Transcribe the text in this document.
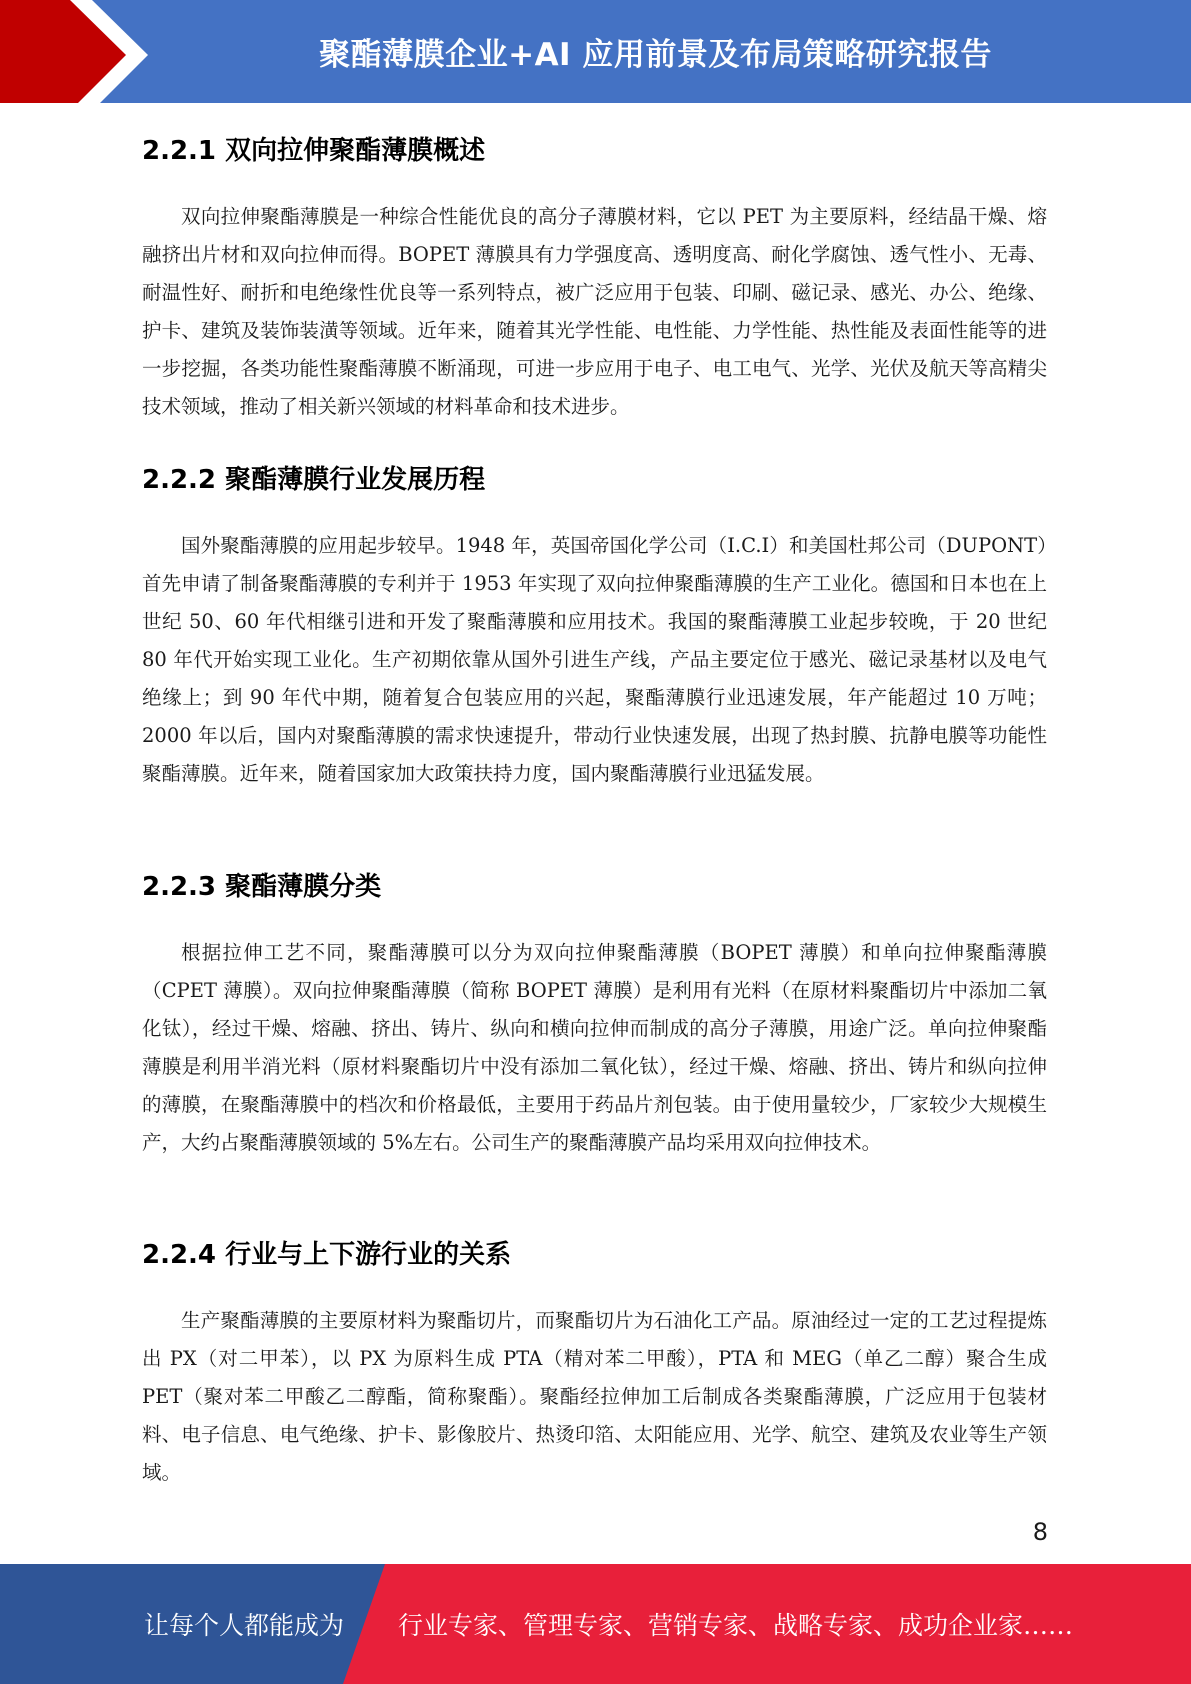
聚酯薄膜企业+AI 应用前景及布局策略研究报告
2.2.1 双向拉伸聚酯薄膜概述

双向拉伸聚酯薄膜是一种综合性能优良的高分子薄膜材料，它以 PET 为主要原料，经结晶干燥、熔融挤出片材和双向拉伸而得。BOPET 薄膜具有力学强度高、透明度高、耐化学腐蚀、透气性小、无毒、耐温性好、耐折和电绝缘性优良等一系列特点，被广泛应用于包装、印刷、磁记录、感光、办公、绝缘、护卡、建筑及装饰装潢等领域。近年来，随着其光学性能、电性能、力学性能、热性能及表面性能等的进一步挖掘，各类功能性聚酯薄膜不断涌现，可进一步应用于电子、电工电气、光学、光伏及航天等高精尖技术领域，推动了相关新兴领域的材料革命和技术进步。

2.2.2 聚酯薄膜行业发展历程

国外聚酯薄膜的应用起步较早。1948 年，英国帝国化学公司（I.C.I）和美国杜邦公司（DUPONT）首先申请了制备聚酯薄膜的专利并于 1953 年实现了双向拉伸聚酯薄膜的生产工业化。德国和日本也在上世纪 50、60 年代相继引进和开发了聚酯薄膜和应用技术。我国的聚酯薄膜工业起步较晚，于 20 世纪 80 年代开始实现工业化。生产初期依靠从国外引进生产线，产品主要定位于感光、磁记录基材以及电气绝缘上；到 90 年代中期，随着复合包装应用的兴起，聚酯薄膜行业迅速发展，年产能超过 10 万吨；2000 年以后，国内对聚酯薄膜的需求快速提升，带动行业快速发展，出现了热封膜、抗静电膜等功能性聚酯薄膜。近年来，随着国家加大政策扶持力度，国内聚酯薄膜行业迅猛发展。

2.2.3 聚酯薄膜分类

根据拉伸工艺不同，聚酯薄膜可以分为双向拉伸聚酯薄膜（BOPET 薄膜）和单向拉伸聚酯薄膜（CPET 薄膜）。双向拉伸聚酯薄膜（简称 BOPET 薄膜）是利用有光料（在原材料聚酯切片中添加二氧化钛），经过干燥、熔融、挤出、铸片、纵向和横向拉伸而制成的高分子薄膜，用途广泛。单向拉伸聚酯薄膜是利用半消光料（原材料聚酯切片中没有添加二氧化钛），经过干燥、熔融、挤出、铸片和纵向拉伸的薄膜，在聚酯薄膜中的档次和价格最低，主要用于药品片剂包装。由于使用量较少，厂家较少大规模生产，大约占聚酯薄膜领域的 5%左右。公司生产的聚酯薄膜产品均采用双向拉伸技术。

2.2.4 行业与上下游行业的关系

生产聚酯薄膜的主要原材料为聚酯切片，而聚酯切片为石油化工产品。原油经过一定的工艺过程提炼出 PX（对二甲苯），以 PX 为原料生成 PTA（精对苯二甲酸），PTA 和 MEG（单乙二醇）聚合生成 PET（聚对苯二甲酸乙二醇酯，简称聚酯）。聚酯经拉伸加工后制成各类聚酯薄膜，广泛应用于包装材料、电子信息、电气绝缘、护卡、影像胶片、热烫印箔、太阳能应用、光学、航空、建筑及农业等生产领域。

8
让每个人都能成为 行业专家、管理专家、营销专家、战略专家、成功企业家……
